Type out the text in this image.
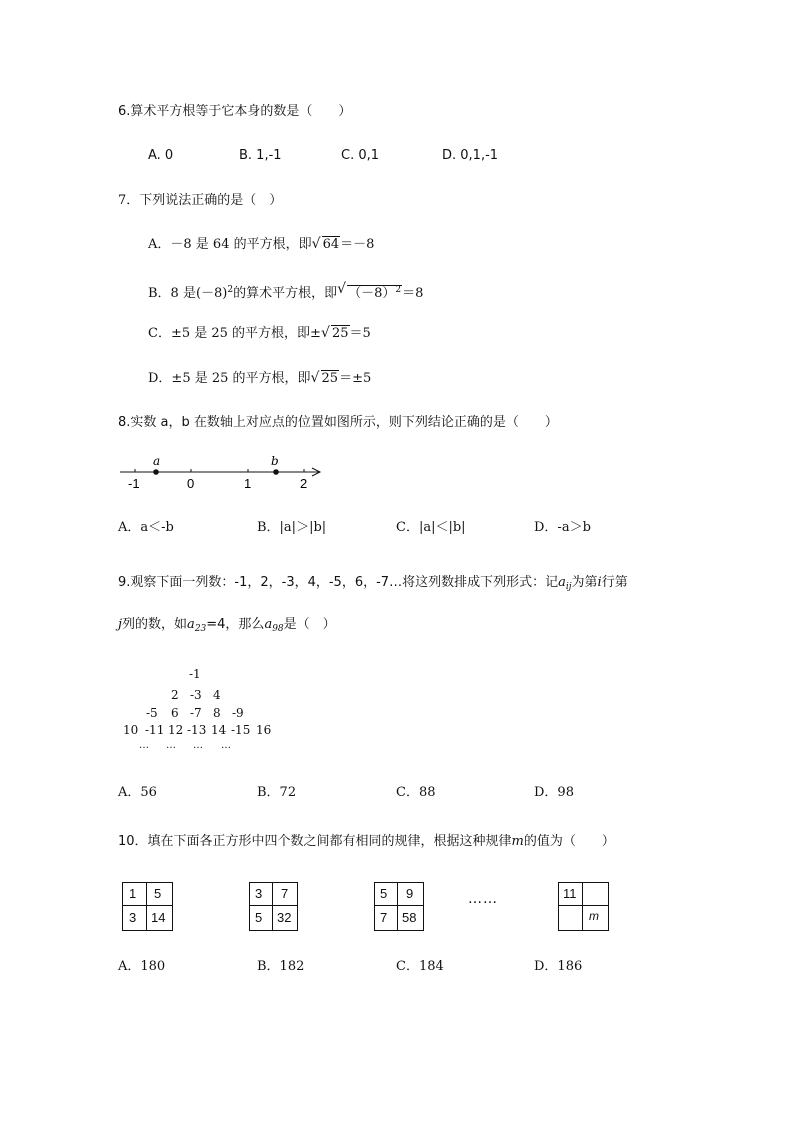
6.算术平方根等于它本身的数是（　　）
A. 0	B. 1,-1	C. 0,1	D. 0,1,-1
7．下列说法正确的是（　）
A．－8 是 64 的平方根，即 √ 64＝－8
B．8 是$(-8)^2$的算术平方根，即 √ $(-8)^2=8$
C．±5 是 25 的平方根，即± √ 25＝5
D．±5 是 25 的平方根，即 √ 25＝±5
8.实数 a，b 在数轴上对应点的位置如图所示，则下列结论正确的是（　　）
a	b
-1	0	1	2
A．a＜-b	B．|a|＞|b|	C．|a|＜|b|	D．-a＞b
9.观察下面一列数：-1，2，-3，4，-5，6，-7…将这列数排成下列形式：记$a_{ij}$为第i行第
j列的数，如$a_{23}=4$，那么$a_{98}$是（　）
-1
2 -3 4
-5 6 -7 8 -9
10 -11 12 -13 14 -15 16
… … … …
A．56	B．72	C．88	D．98
10．填在下面各正方形中四个数之间都有相同的规律，根据这种规律m的值为（　　）
1 5
3 14
3 7
5 32
5 9
7 58
……	11
m
A．180	B．182	C．184	D．186
